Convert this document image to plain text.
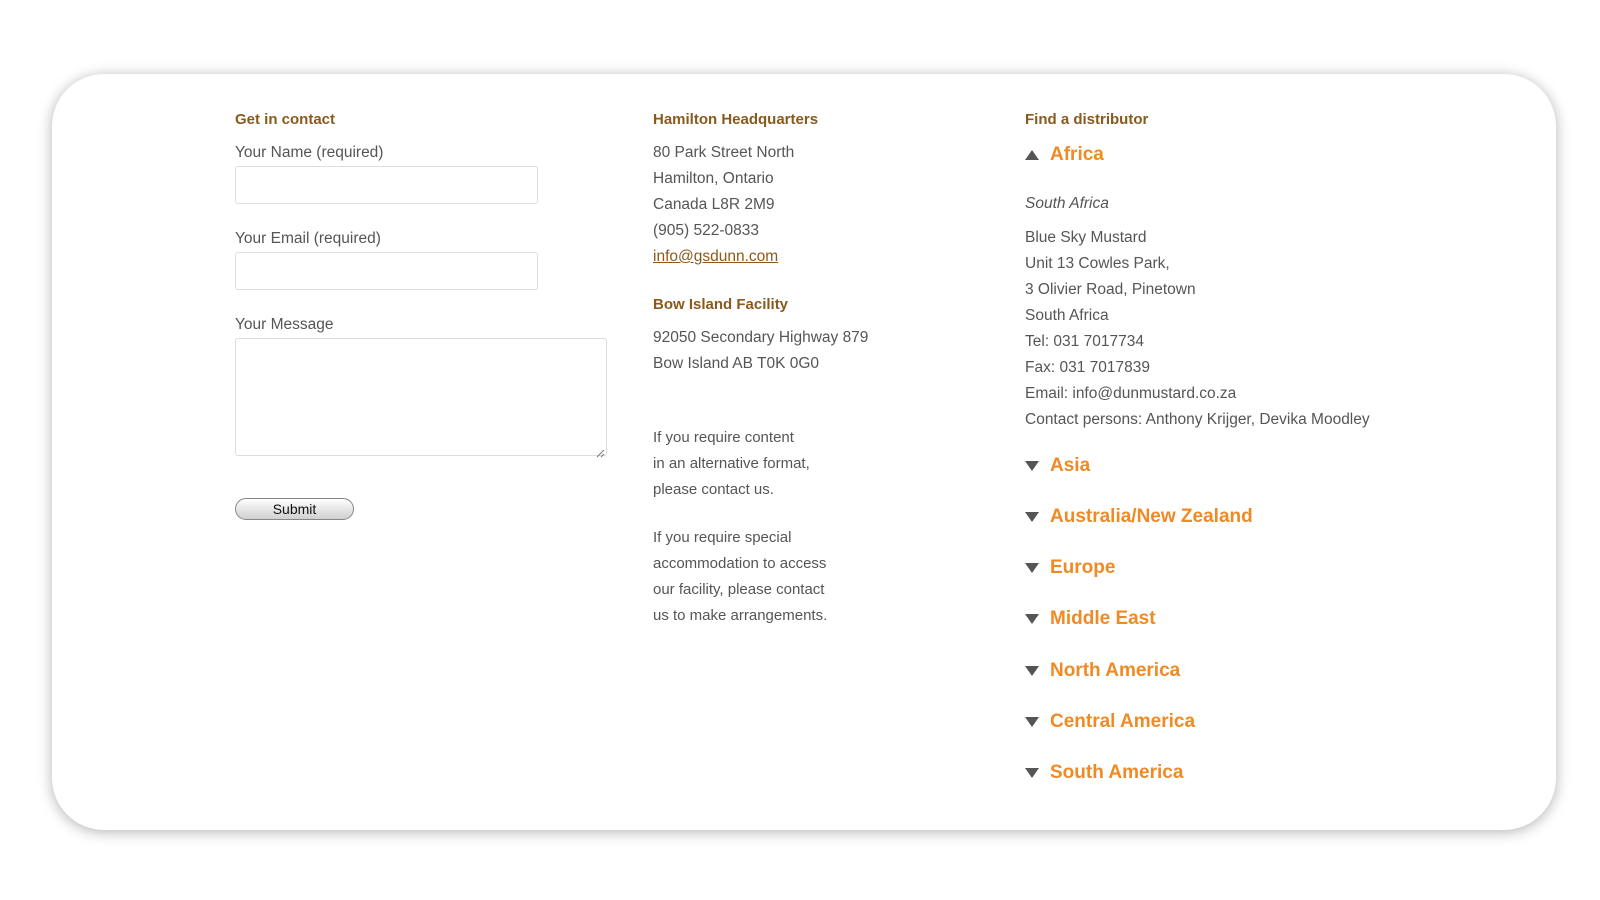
Get in contact
Your Name (required)
Your Email (required)
Your Message
Submit
Hamilton Headquarters
80 Park Street North
Hamilton, Ontario
Canada L8R 2M9
(905) 522-0833
info@gsdunn.com
Bow Island Facility
92050 Secondary Highway 879
Bow Island AB T0K 0G0
If you require content
in an alternative format,
please contact us.
If you require special
accommodation to access
our facility, please contact
us to make arrangements.
Find a distributor
Africa
South Africa
Blue Sky Mustard
Unit 13 Cowles Park,
3 Olivier Road, Pinetown
South Africa
Tel: 031 7017734
Fax: 031 7017839
Email: info@dunmustard.co.za
Contact persons: Anthony Krijger, Devika Moodley
Asia
Australia/New Zealand
Europe
Middle East
North America
Central America
South America
